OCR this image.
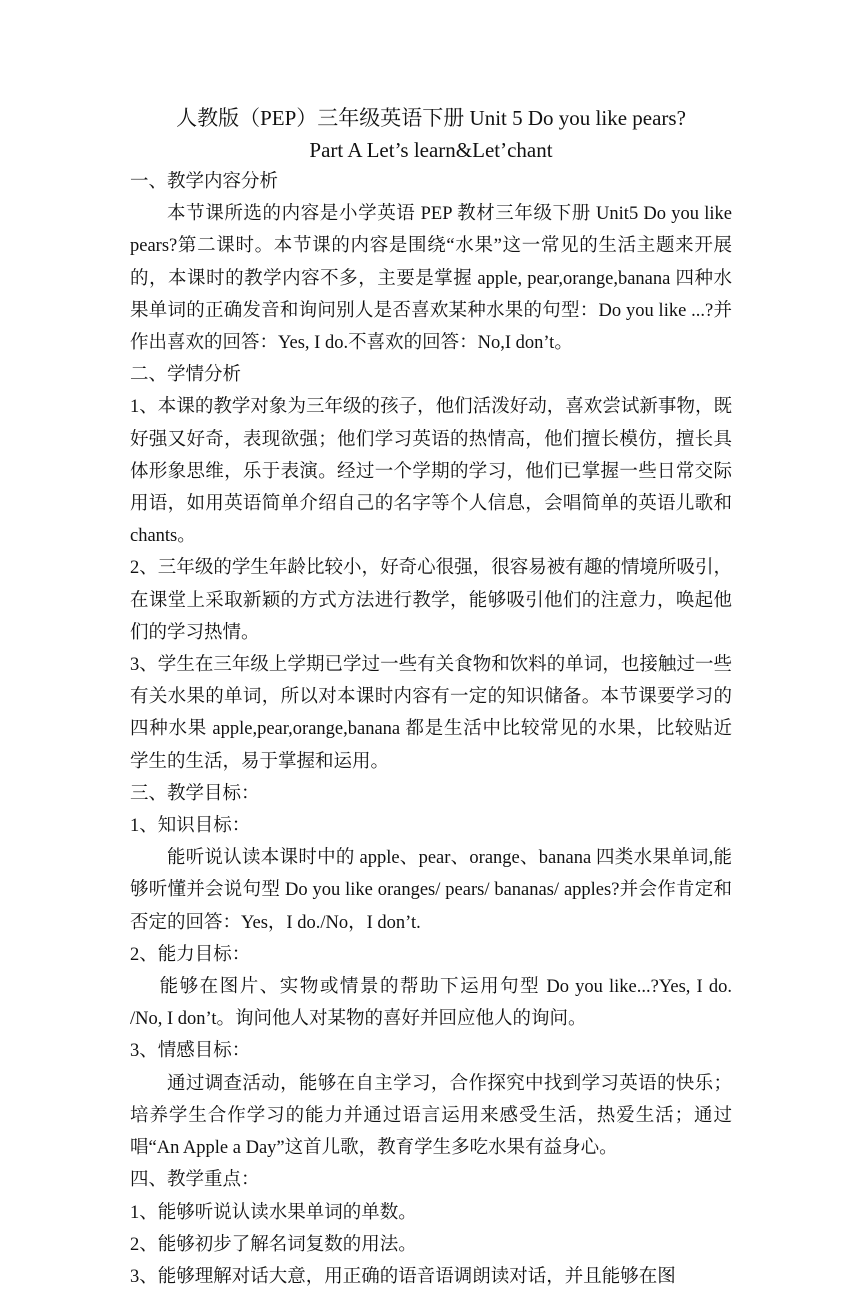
人教版（PEP）三年级英语下册 Unit 5 Do you like pears?

Part A Let’s learn&Let’chant

一、教学内容分析

本节课所选的内容是小学英语 PEP 教材三年级下册 Unit5 Do you like pears?第二课时。本节课的内容是围绕“水果”这一常见的生活主题来开展的，本课时的教学内容不多，主要是掌握 apple, pear,orange,banana 四种水果单词的正确发音和询问别人是否喜欢某种水果的句型：Do you like ...?并作出喜欢的回答：Yes, I do.不喜欢的回答：No,I don’t。

二、学情分析

1、本课的教学对象为三年级的孩子，他们活泼好动，喜欢尝试新事物，既好强又好奇，表现欲强；他们学习英语的热情高，他们擅长模仿，擅长具体形象思维，乐于表演。经过一个学期的学习，他们已掌握一些日常交际用语，如用英语简单介绍自己的名字等个人信息，会唱简单的英语儿歌和 chants。

2、三年级的学生年龄比较小，好奇心很强，很容易被有趣的情境所吸引，在课堂上采取新颖的方式方法进行教学，能够吸引他们的注意力，唤起他们的学习热情。

3、学生在三年级上学期已学过一些有关食物和饮料的单词，也接触过一些有关水果的单词，所以对本课时内容有一定的知识储备。本节课要学习的四种水果 apple,pear,orange,banana 都是生活中比较常见的水果，比较贴近学生的生活，易于掌握和运用。

三、教学目标：

1、知识目标：

能听说认读本课时中的 apple、pear、orange、banana 四类水果单词,能够听懂并会说句型 Do you like oranges/ pears/ bananas/ apples?并会作肯定和否定的回答：Yes，I do./No，I don’t.

2、能力目标：

能够在图片、实物或情景的帮助下运用句型 Do you like...?Yes, I do. /No, I don’t。询问他人对某物的喜好并回应他人的询问。

3、情感目标：

通过调查活动，能够在自主学习，合作探究中找到学习英语的快乐；培养学生合作学习的能力并通过语言运用来感受生活，热爱生活；通过唱“An Apple a Day”这首儿歌，教育学生多吃水果有益身心。

四、教学重点：

1、能够听说认读水果单词的单数。

2、能够初步了解名词复数的用法。

3、能够理解对话大意，用正确的语音语调朗读对话，并且能够在图
